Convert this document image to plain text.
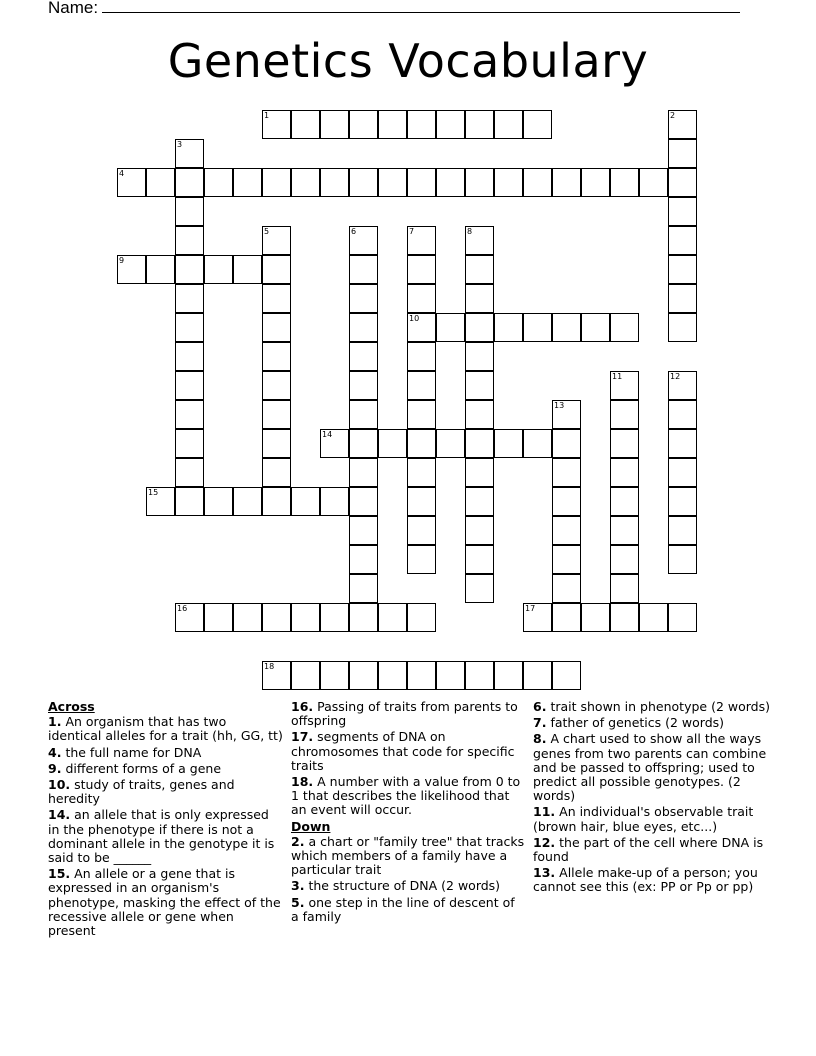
Name:
Genetics Vocabulary
1	2
3
4
5	6	7
10
8
9
11	12
13
14
15
16	17
18

Across

1. An organism that has two identical alleles for a trait (hh, GG, tt)

4. the full name for DNA

9. different forms of a gene

10. study of traits, genes and heredity

14. an allele that is only expressed in the phenotype if there is not a dominant allele in the genotype it is said to be ______

15. An allele or a gene that is expressed in an organism's phenotype, masking the effect of the recessive allele or gene when present

16. Passing of traits from parents to offspring

17. segments of DNA on chromosomes that code for specific traits

18. A number with a value from 0 to 1 that describes the likelihood that an event will occur.

Down

2. a chart or "family tree" that tracks which members of a family have a particular trait

3. the structure of DNA (2 words)

5. one step in the line of descent of a family

6. trait shown in phenotype (2 words)

7. father of genetics (2 words)

8. A chart used to show all the ways genes from two parents can combine and be passed to offspring; used to predict all possible genotypes. (2 words)

11. An individual's observable trait (brown hair, blue eyes, etc...)

12. the part of the cell where DNA is found

13. Allele make-up of a person; you cannot see this (ex: PP or Pp or pp)
